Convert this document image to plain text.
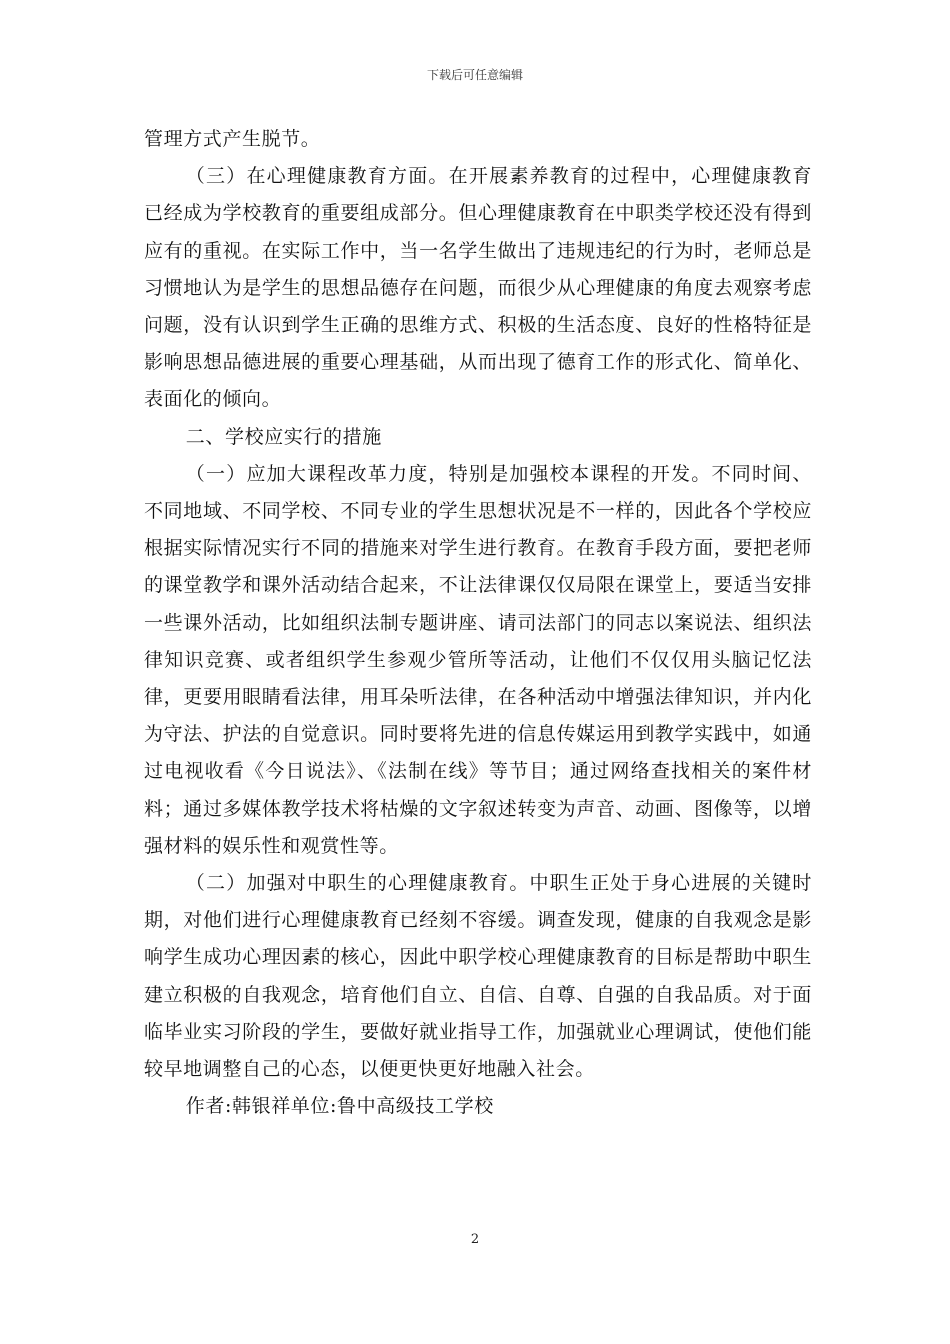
下载后可任意编辑

管理方式产生脱节。

（三）在心理健康教育方面。在开展素养教育的过程中，心理健康教育已经成为学校教育的重要组成部分。但心理健康教育在中职类学校还没有得到应有的重视。在实际工作中，当一名学生做出了违规违纪的行为时，老师总是习惯地认为是学生的思想品德存在问题，而很少从心理健康的角度去观察考虑问题，没有认识到学生正确的思维方式、积极的生活态度、良好的性格特征是影响思想品德进展的重要心理基础，从而出现了德育工作的形式化、简单化、表面化的倾向。

二、学校应实行的措施

（一）应加大课程改革力度，特别是加强校本课程的开发。不同时间、不同地域、不同学校、不同专业的学生思想状况是不一样的，因此各个学校应根据实际情况实行不同的措施来对学生进行教育。在教育手段方面，要把老师的课堂教学和课外活动结合起来，不让法律课仅仅局限在课堂上，要适当安排一些课外活动，比如组织法制专题讲座、请司法部门的同志以案说法、组织法律知识竞赛、或者组织学生参观少管所等活动，让他们不仅仅用头脑记忆法律，更要用眼睛看法律，用耳朵听法律，在各种活动中增强法律知识，并内化为守法、护法的自觉意识。同时要将先进的信息传媒运用到教学实践中，如通过电视收看《今日说法》、《法制在线》等节目；通过网络查找相关的案件材料；通过多媒体教学技术将枯燥的文字叙述转变为声音、动画、图像等，以增强材料的娱乐性和观赏性等。

（二）加强对中职生的心理健康教育。中职生正处于身心进展的关键时期，对他们进行心理健康教育已经刻不容缓。调查发现，健康的自我观念是影响学生成功心理因素的核心，因此中职学校心理健康教育的目标是帮助中职生建立积极的自我观念，培育他们自立、自信、自尊、自强的自我品质。对于面临毕业实习阶段的学生，要做好就业指导工作，加强就业心理调试，使他们能较早地调整自己的心态，以便更快更好地融入社会。

作者:韩银祥单位:鲁中高级技工学校

2
